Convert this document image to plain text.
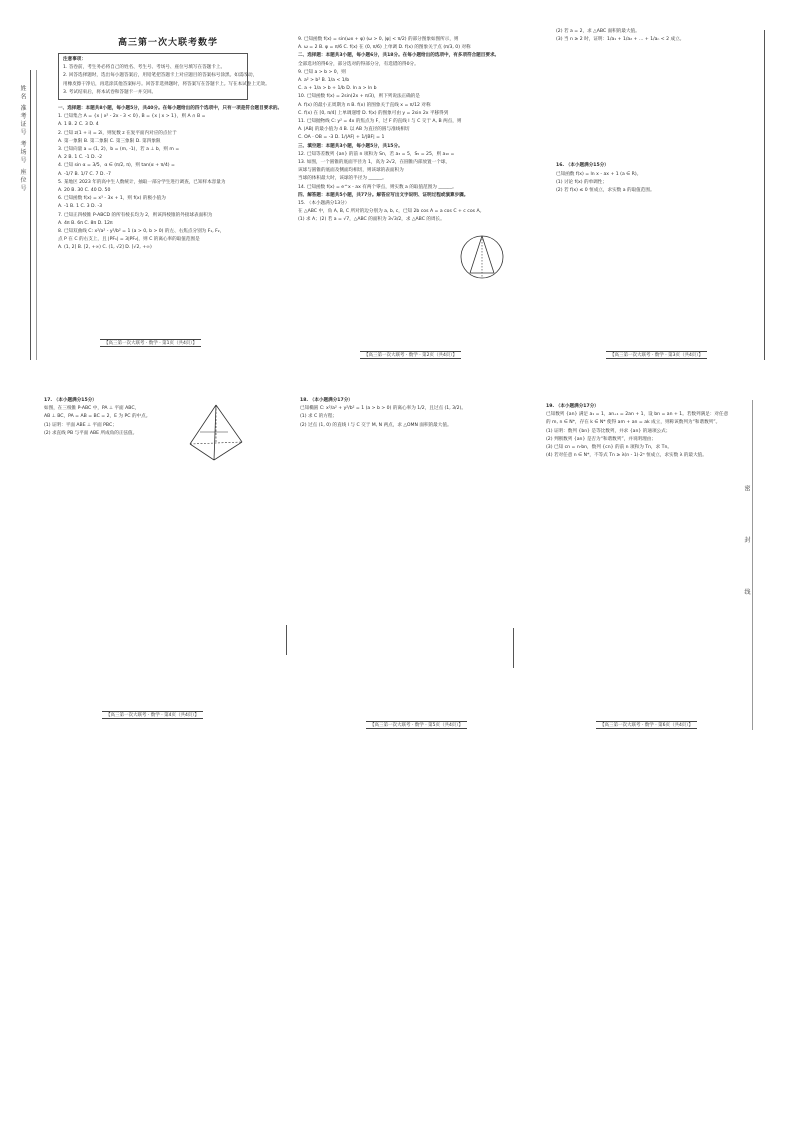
姓名 准考证号 考场号 座位号
高三第一次大联考数学
注意事项：
1. 答卷前，考生务必将自己的姓名、考生号、考场号、座位号填写在答题卡上。
2. 回答选择题时，选出每小题答案后，用铅笔把答题卡上对应题目的答案标号涂黑。如需改动，
用橡皮擦干净后，再选涂其他答案标号。回答非选择题时，将答案写在答题卡上。写在本试卷上无效。
3. 考试结束后，将本试卷和答题卡一并交回。
一、选择题：本题共8小题，每小题5分，共40分。在每小题给出的四个选项中，只有一项是符合题目要求的。
1. 已知集合 A = {x | x² - 2x - 3 < 0}, B = {x | x > 1}，则 A ∩ B =
A. 1 B. 2 C. 3 D. 4
2. 已知 z(1 + i) = 2i，则复数 z 在复平面内对应的点位于
A. 第一象限 B. 第二象限 C. 第三象限 D. 第四象限
3. 已知向量 a = (1, 2)，b = (m, -1)，若 a ⊥ b，则 m =
A. 2 B. 1 C. -1 D. -2
4. 已知 sin α = 3/5，α ∈ (π/2, π)，则 tan(α + π/4) =
A. -1/7 B. 1/7 C. 7 D. -7
5. 某地区 2023 年的高中生人数统计，抽取一部分学生进行调查，已知样本容量为
A. 20 B. 30 C. 40 D. 50
6. 已知函数 f(x) = x³ - 3x + 1，则 f(x) 的极小值为
A. -1 B. 1 C. 3 D. -3
7. 已知正四棱锥 P-ABCD 的所有棱长均为 2，则该四棱锥的外接球表面积为
A. 4π B. 6π C. 8π D. 12π
8. 已知双曲线 C: x²/a² - y²/b² = 1 (a > 0, b > 0) 的左、右焦点分别为 F₁, F₂，
点 P 在 C 的右支上，且 |PF₁| = 3|PF₂|，则 C 的离心率的取值范围是
A. (1, 2] B. [2, +∞) C. (1, √2] D. [√2, +∞)
【高三第一次大联考 · 数学 · 第1页（共4页）】
9. 已知函数 f(x) = sin(ωx + φ) (ω > 0, |φ| < π/2) 的部分图象如图所示，则
A. ω = 2 B. φ = π/6 C. f(x) 在 (0, π/6) 上单调 D. f(x) 的图象关于点 (π/3, 0) 对称
二、选择题：本题共3小题，每小题6分，共18分。在每小题给出的选项中，有多项符合题目要求。
全部选对的得6分，部分选对的得部分分，有选错的得0分。
9. 已知 a > b > 0，则
A. a² > b² B. 1/a < 1/b
C. a + 1/a > b + 1/b D. ln a > ln b
10. 已知函数 f(x) = 2sin(2x + π/3)，则下列说法正确的是
A. f(x) 的最小正周期为 π B. f(x) 的图象关于直线 x = π/12 对称
C. f(x) 在 [0, π/4] 上单调递增 D. f(x) 的图象可由 y = 2sin 2x 平移得到
11. 已知抛物线 C: y² = 4x 的焦点为 F，过 F 的直线 l 与 C 交于 A, B 两点，则
A. |AB| 的最小值为 4 B. 以 AB 为直径的圆与准线相切
C. OA · OB = -3 D. 1/|AF| + 1/|BF| = 1
三、填空题：本题共3小题，每小题5分，共15分。
12. 已知等差数列 {an} 的前 n 项和为 Sn，若 a₃ = 5，S₅ = 25，则 a₁₀ =
13. 如图，一个圆锥的底面半径为 1，高为 2√2，在圆锥内部放置一个球，
该球与圆锥的底面及侧面均相切，则该球的表面积为
当球的体积最大时，该球的半径为 ______。
14. 已知函数 f(x) = e^x - ax 有两个零点，则实数 a 的取值范围为 ______。
四、解答题：本题共5小题，共77分。解答应写出文字说明、证明过程或演算步骤。
15. （本小题满分13分）
在 △ABC 中，角 A, B, C 所对的边分别为 a, b, c，已知 2b cos A = a cos C + c cos A。
(1) 求 A；(2) 若 a = √7，△ABC 的面积为 3√3/2，求 △ABC 的周长。
【高三第一次大联考 · 数学 · 第2页（共4页）】
(2) 若 a = 2，求 △ABC 面积的最大值。
(3) 当 n ≥ 2 时，证明：1/a₁ + 1/a₂ + … + 1/aₙ < 2 成立。
16. （本小题满分15分）
已知函数 f(x) = ln x - ax + 1 (a ∈ R)。
(1) 讨论 f(x) 的单调性；
(2) 若 f(x) ≤ 0 恒成立，求实数 a 的取值范围。
【高三第一次大联考 · 数学 · 第3页（共4页）】
17. （本小题满分15分）
如图，在三棱锥 P-ABC 中，PA ⊥ 平面 ABC，
AB ⊥ BC，PA = AB = BC = 2，E 为 PC 的中点。
(1) 证明：平面 ABE ⊥ 平面 PBC；
(2) 求直线 PB 与平面 ABE 所成角的正弦值。
【高三第一次大联考 · 数学 · 第4页（共4页）】
18. （本小题满分17分）
已知椭圆 C: x²/a² + y²/b² = 1 (a > b > 0) 的离心率为 1/2，且过点 (1, 3/2)。
(1) 求 C 的方程；
(2) 过点 (1, 0) 的直线 l 与 C 交于 M, N 两点，求 △OMN 面积的最大值。
【高三第一次大联考 · 数学 · 第5页（共4页）】
19. （本小题满分17分）
已知数列 {an} 满足 a₁ = 1，an₊₁ = 2an + 1，设 bn = an + 1。若数列满足：对任意
的 m, n ∈ N*，存在 k ∈ N* 使得 am + an = ak 成立，则称该数列为“和谐数列”。
(1) 证明：数列 {bn} 是等比数列，并求 {an} 的通项公式；
(2) 判断数列 {an} 是否为“和谐数列”，并说明理由；
(3) 已知 cn = n·bn，数列 {cn} 的前 n 项和为 Tn，求 Tn。
(4) 若对任意 n ∈ N*，不等式 Tn ≥ λ(n - 1)·2ⁿ 恒成立，求实数 λ 的最大值。
密 封 线
【高三第一次大联考 · 数学 · 第6页（共4页）】
